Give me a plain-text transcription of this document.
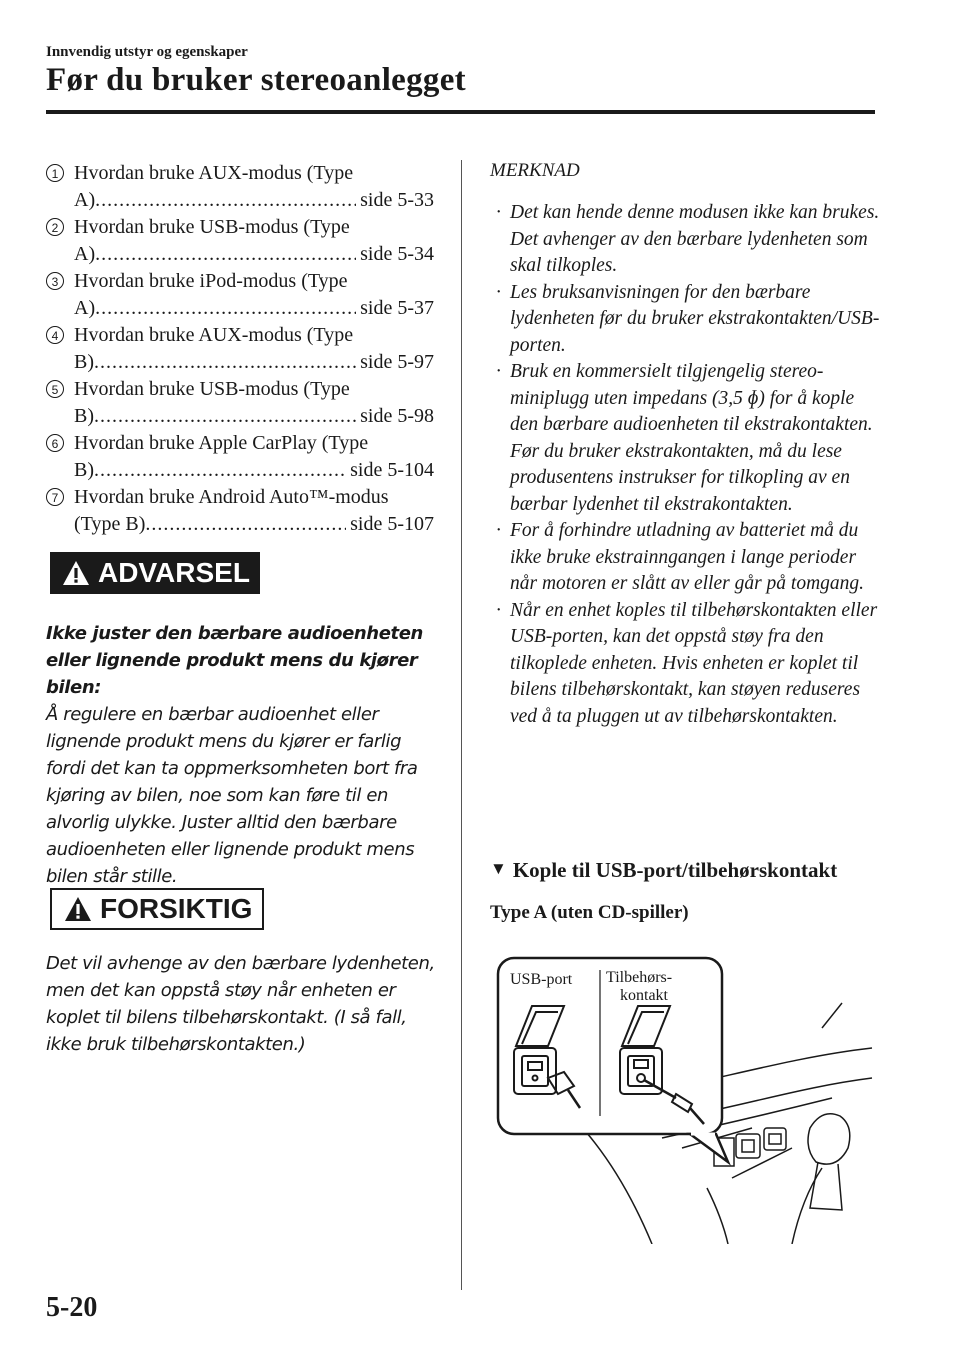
Innvendig utstyr og egenskaper
Før du bruker stereoanlegget
1 Hvordan bruke AUX-modus (Type
A) .....	side 5-33
2 Hvordan bruke USB-modus (Type
A) .....	side 5-34
3 Hvordan bruke iPod-modus (Type
A) .....	side 5-37
4 Hvordan bruke AUX-modus (Type
B) .....	side 5-97
5 Hvordan bruke USB-modus (Type
B) .....	side 5-98
6 Hvordan bruke Apple CarPlay (Type
B) .....	side 5-104
7 Hvordan bruke Android Auto™-modus
(Type B) .....	side 5-107
ADVARSEL
Ikke juster den bærbare audioenheten eller lignende produkt mens du kjører bilen:
Å regulere en bærbar audioenhet eller lignende produkt mens du kjører er farlig fordi det kan ta oppmerksomheten bort fra kjøring av bilen, noe som kan føre til en alvorlig ulykke. Juster alltid den bærbare audioenheten eller lignende produkt mens bilen står stille.
FORSIKTIG
Det vil avhenge av den bærbare lydenheten, men det kan oppstå støy når enheten er koplet til bilens tilbehørskontakt. (I så fall, ikke bruk tilbehørskontakten.)
MERKNAD
· Det kan hende denne modusen ikke kan brukes. Det avhenger av den bærbare lydenheten som skal tilkoples.
· Les bruksanvisningen for den bærbare lydenheten før du bruker ekstrakontakten/USB-porten.
· Bruk en kommersielt tilgjengelig stereo-miniplugg uten impedans (3,5 ɸ) for å kople den bærbare audioenheten til ekstrakontakten. Før du bruker ekstrakontakten, må du lese produsentens instrukser for tilkopling av en bærbar lydenhet til ekstrakontakten.
· For å forhindre utladning av batteriet må du ikke bruke ekstrainngangen i lange perioder når motoren er slått av eller går på tomgang.
· Når en enhet koples til tilbehørskontakten eller USB-porten, kan det oppstå støy fra den tilkoplede enheten. Hvis enheten er koplet til bilens tilbehørskontakt, kan støyen reduseres ved å ta pluggen ut av tilbehørskontakten.
▼ Kople til USB-port/tilbehørskontakt
Type A (uten CD-spiller)
USB-port Tilbehørs-
kontakt
5-20
